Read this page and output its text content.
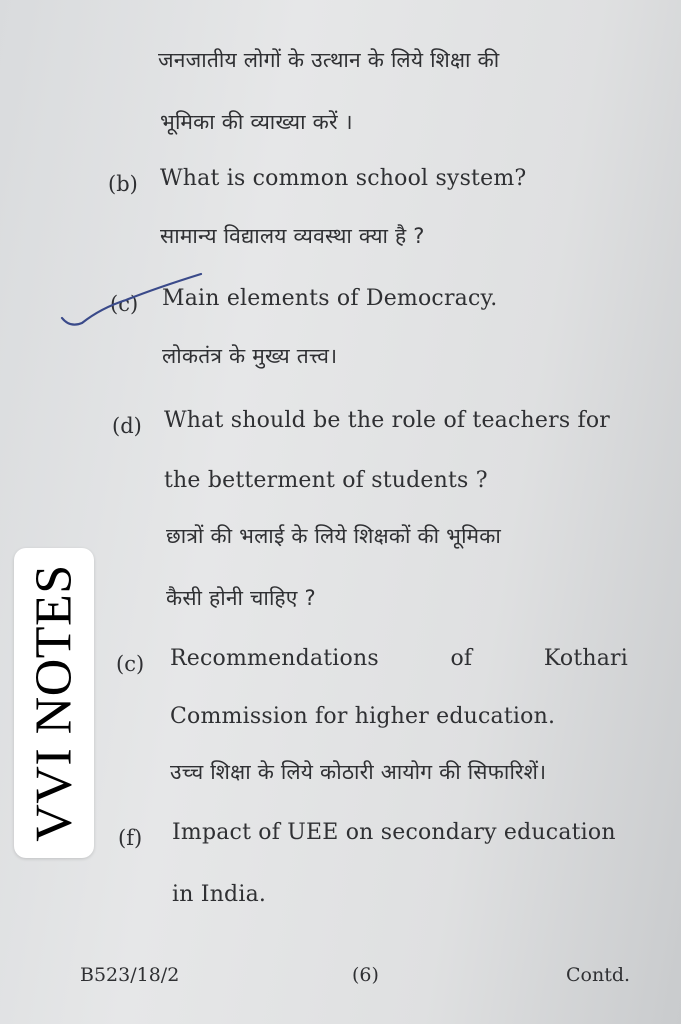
जनजातीय लोगों के उत्थान के लिये शिक्षा की
भूमिका की व्याख्या करें ।
(b) What is common school system?
सामान्य विद्यालय व्यवस्था क्या है ?
(c) Main elements of Democracy.
लोकतंत्र के मुख्य तत्त्व।
(d) What should be the role of teachers for
the betterment of students ?
छात्रों की भलाई के लिये शिक्षकों की भूमिका
कैसी होनी चाहिए ?
(c) Recommendations	of	Kothari
Commission for higher education.
उच्च शिक्षा के लिये कोठारी आयोग की सिफारिशें।
(f) Impact of UEE on secondary education
in India.
B523/18/2	(6)	Contd.
VVI NOTES
